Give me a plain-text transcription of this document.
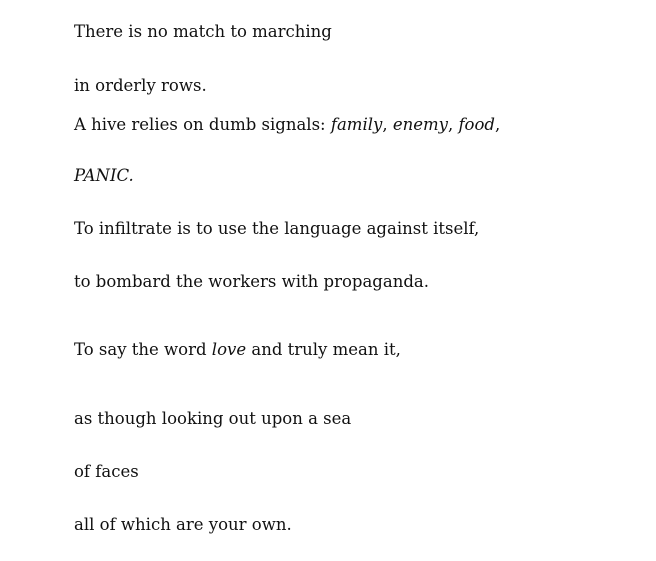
There is no match to marching

in orderly rows.

A hive relies on dumb signals: family, enemy, food,

PANIC.

To infiltrate is to use the language against itself,

to bombard the workers with propaganda.

To say the word love and truly mean it,

as though looking out upon a sea

of faces

all of which are your own.
